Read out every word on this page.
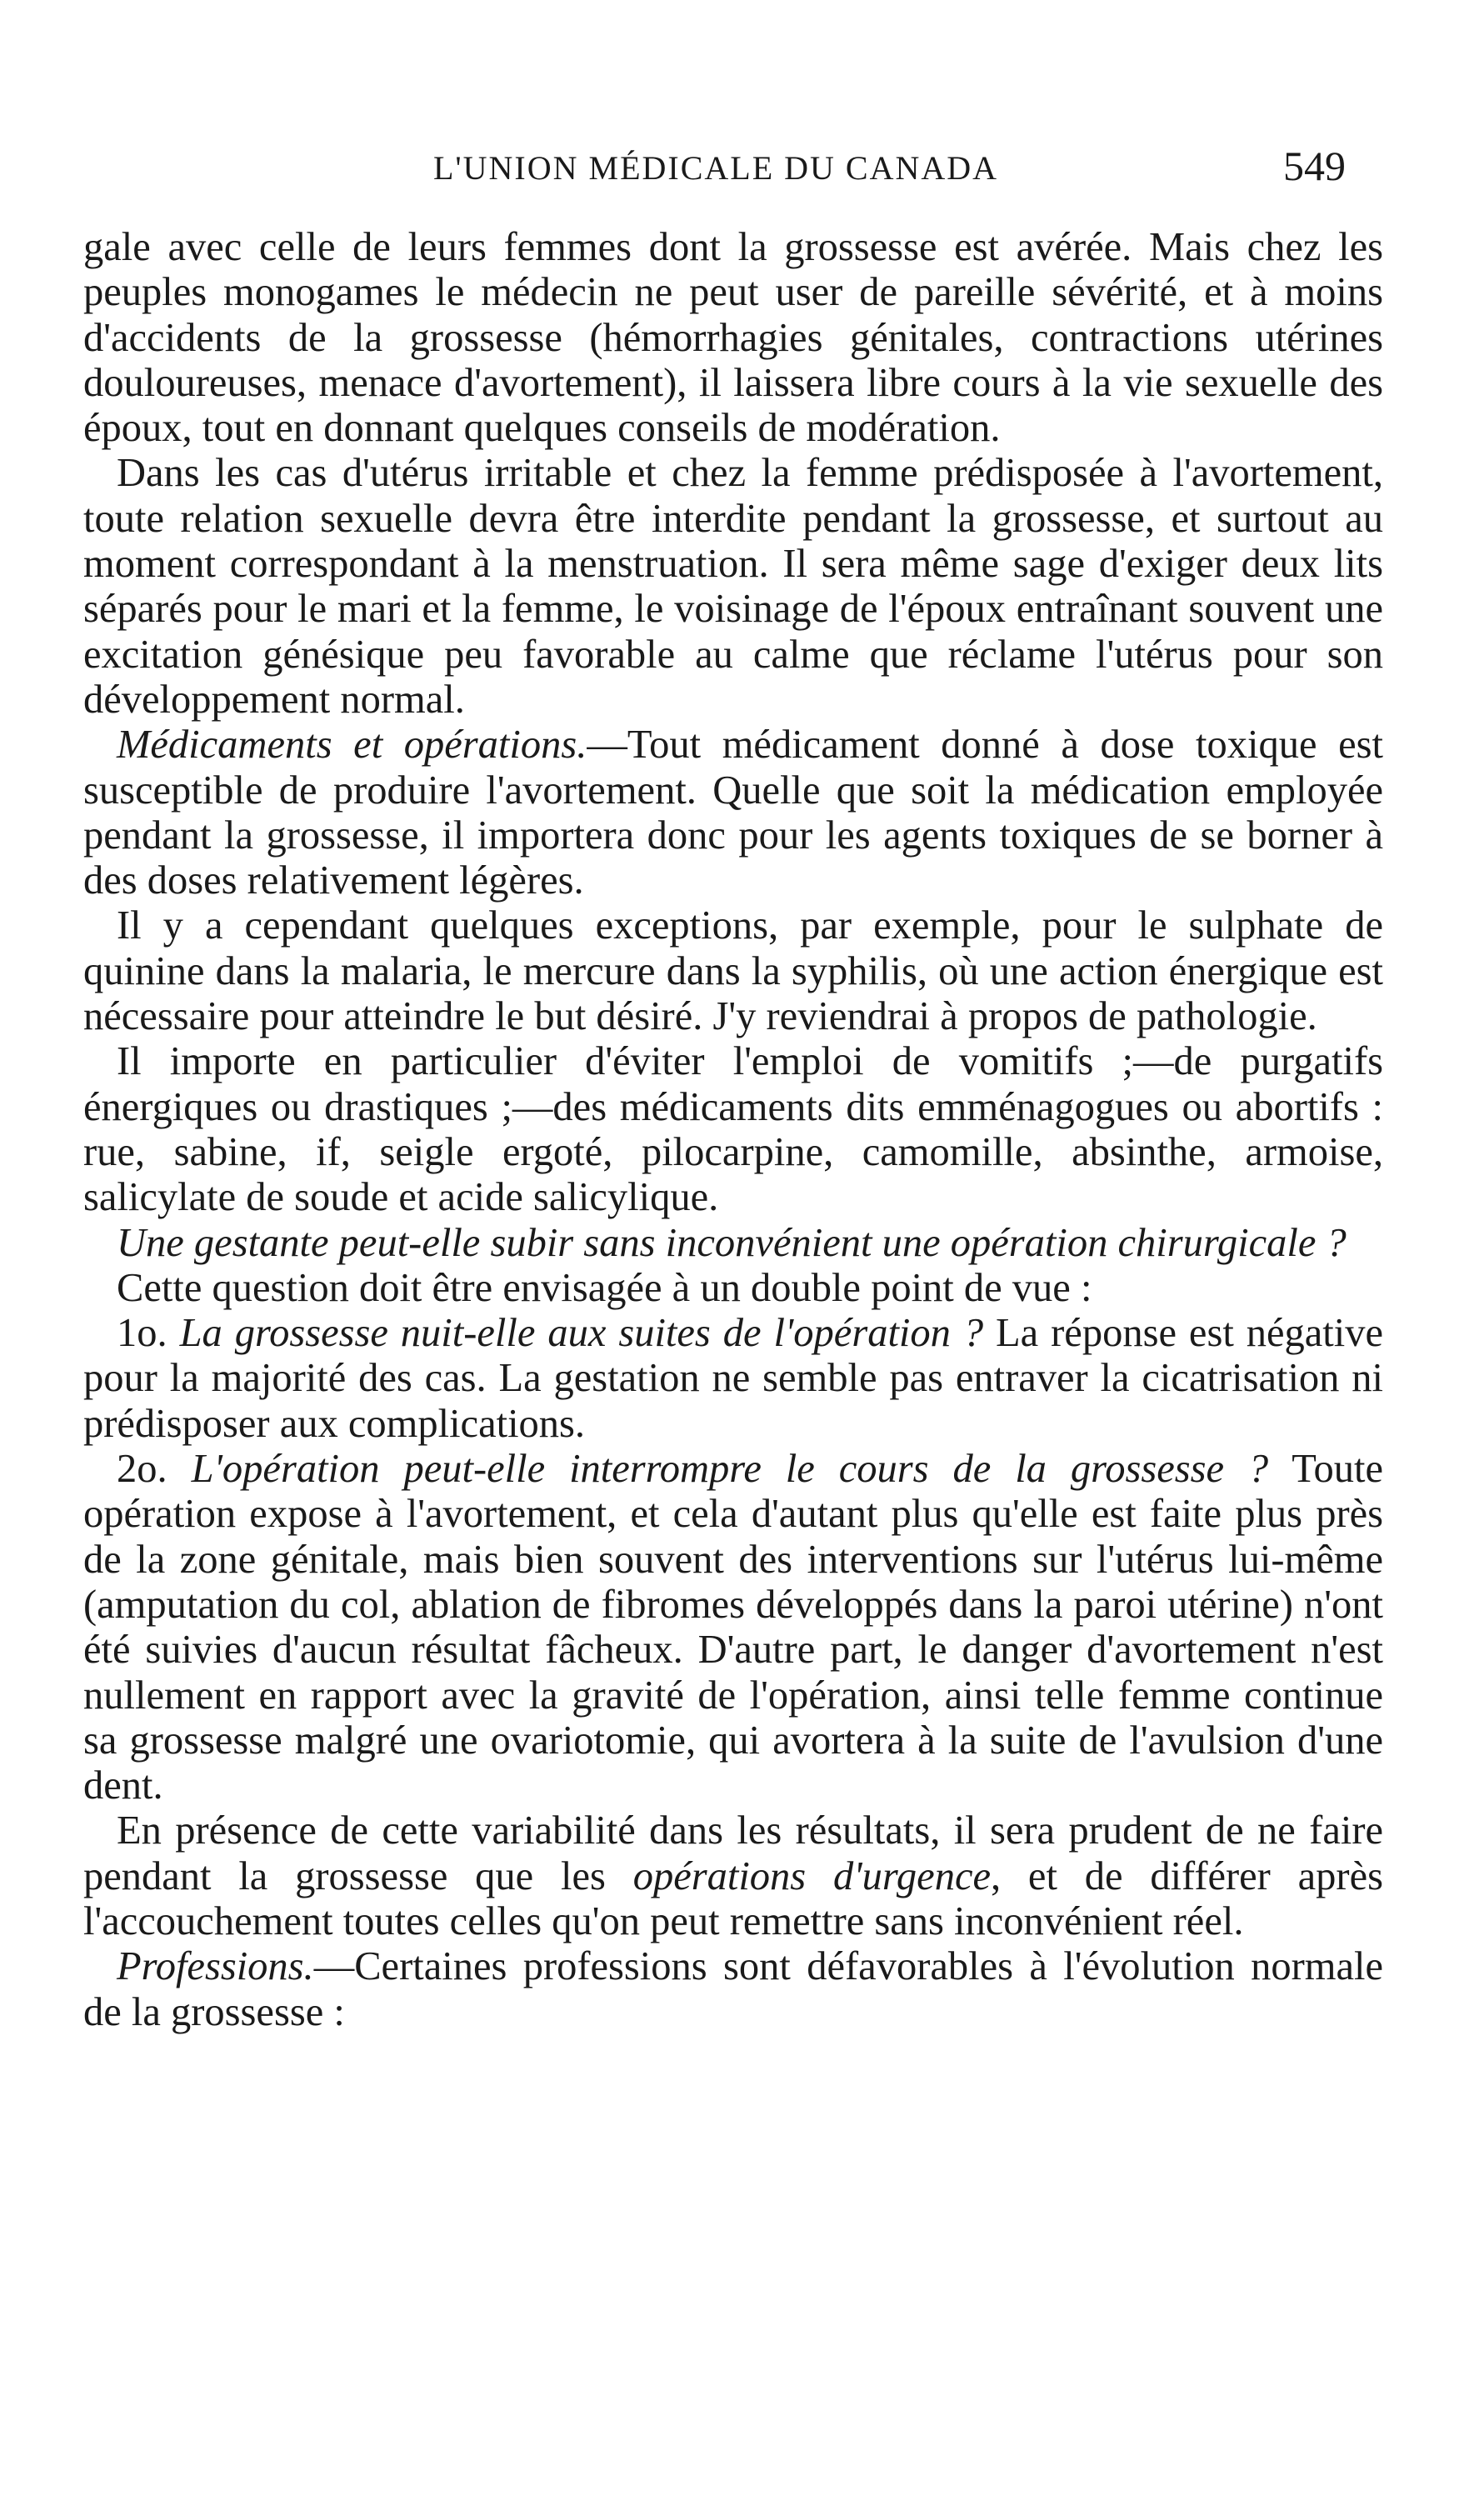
L'UNION MÉDICALE DU CANADA	549

gale avec celle de leurs femmes dont la grossesse est avérée. Mais chez les peuples monogames le médecin ne peut user de pareille sévérité, et à moins d'accidents de la grossesse (hémorrhagies génitales, contractions utérines douloureuses, menace d'avortement), il laissera libre cours à la vie sexuelle des époux, tout en donnant quelques conseils de modération.

Dans les cas d'utérus irritable et chez la femme prédisposée à l'avortement, toute relation sexuelle devra être interdite pendant la grossesse, et surtout au moment correspondant à la menstruation. Il sera même sage d'exiger deux lits séparés pour le mari et la femme, le voisinage de l'époux entraînant souvent une excitation génésique peu favorable au calme que réclame l'utérus pour son développement normal.

Médicaments et opérations.—Tout médicament donné à dose toxique est susceptible de produire l'avortement. Quelle que soit la médication employée pendant la grossesse, il importera donc pour les agents toxiques de se borner à des doses relativement légères.

Il y a cependant quelques exceptions, par exemple, pour le sulphate de quinine dans la malaria, le mercure dans la syphilis, où une action énergique est nécessaire pour atteindre le but désiré. J'y reviendrai à propos de pathologie.

Il importe en particulier d'éviter l'emploi de vomitifs ;—de purgatifs énergiques ou drastiques ;—des médicaments dits emménagogues ou abortifs : rue, sabine, if, seigle ergoté, pilocarpine, camomille, absinthe, armoise, salicylate de soude et acide salicylique.

Une gestante peut-elle subir sans inconvénient une opération chirurgicale ?

Cette question doit être envisagée à un double point de vue :

1o. La grossesse nuit-elle aux suites de l'opération ? La réponse est négative pour la majorité des cas. La gestation ne semble pas entraver la cicatrisation ni prédisposer aux complications.

2o. L'opération peut-elle interrompre le cours de la grossesse ? Toute opération expose à l'avortement, et cela d'autant plus qu'elle est faite plus près de la zone génitale, mais bien souvent des interventions sur l'utérus lui-même (amputation du col, ablation de fibromes développés dans la paroi utérine) n'ont été suivies d'aucun résultat fâcheux. D'autre part, le danger d'avortement n'est nullement en rapport avec la gravité de l'opération, ainsi telle femme continue sa grossesse malgré une ovariotomie, qui avortera à la suite de l'avulsion d'une dent.

En présence de cette variabilité dans les résultats, il sera prudent de ne faire pendant la grossesse que les opérations d'urgence, et de différer après l'accouchement toutes celles qu'on peut remettre sans inconvénient réel.

Professions.—Certaines professions sont défavorables à l'évolution normale de la grossesse :
